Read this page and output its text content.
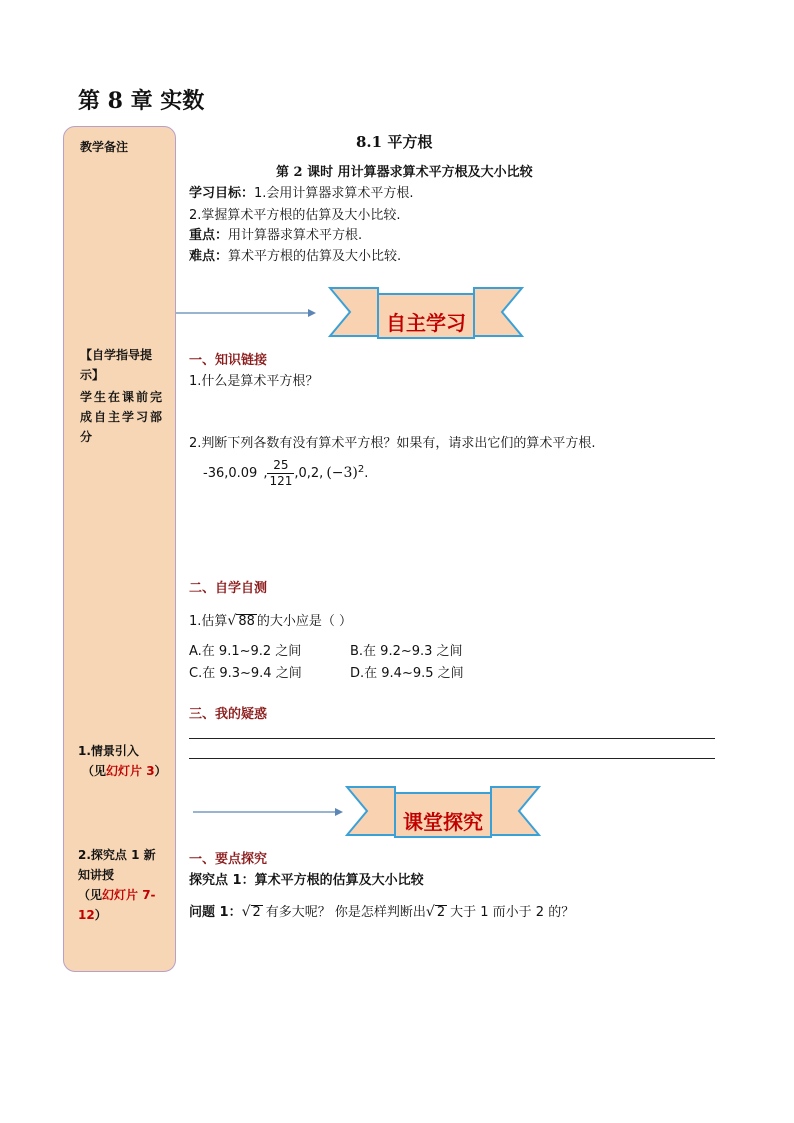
第 8 章 实数
教学备注
【自学指导提示】
学生在课前完成自主学习部分
1.情景引入
（见幻灯片 3）
2.探究点 1 新知讲授
（见幻灯片 7-12）
8.1 平方根
第 2 课时 用计算器求算术平方根及大小比较
学习目标：1.会用计算器求算术平方根.
2.掌握算术平方根的估算及大小比较.
重点：用计算器求算术平方根.
难点：算术平方根的估算及大小比较.
自主学习
一、知识链接
1.什么是算术平方根？
2.判断下列各数有没有算术平方根？如果有，请求出它们的算术平方根.
-36,0.09 , $\frac{25}{121} ,0,2$, $(-3)^2$ .
二、自学自测
1.估算√ 88 的大小应是（ ）
A.在 9.1~9.2 之间	B.在 9.2~9.3 之间
C.在 9.3~9.4 之间	D.在 9.4~9.5 之间
三、我的疑惑
课堂探究
一、要点探究
探究点 1：算术平方根的估算及大小比较
问题 1：√ 2 有多大呢？ 你是怎样判断出√ 2 大于 1 而小于 2 的？
